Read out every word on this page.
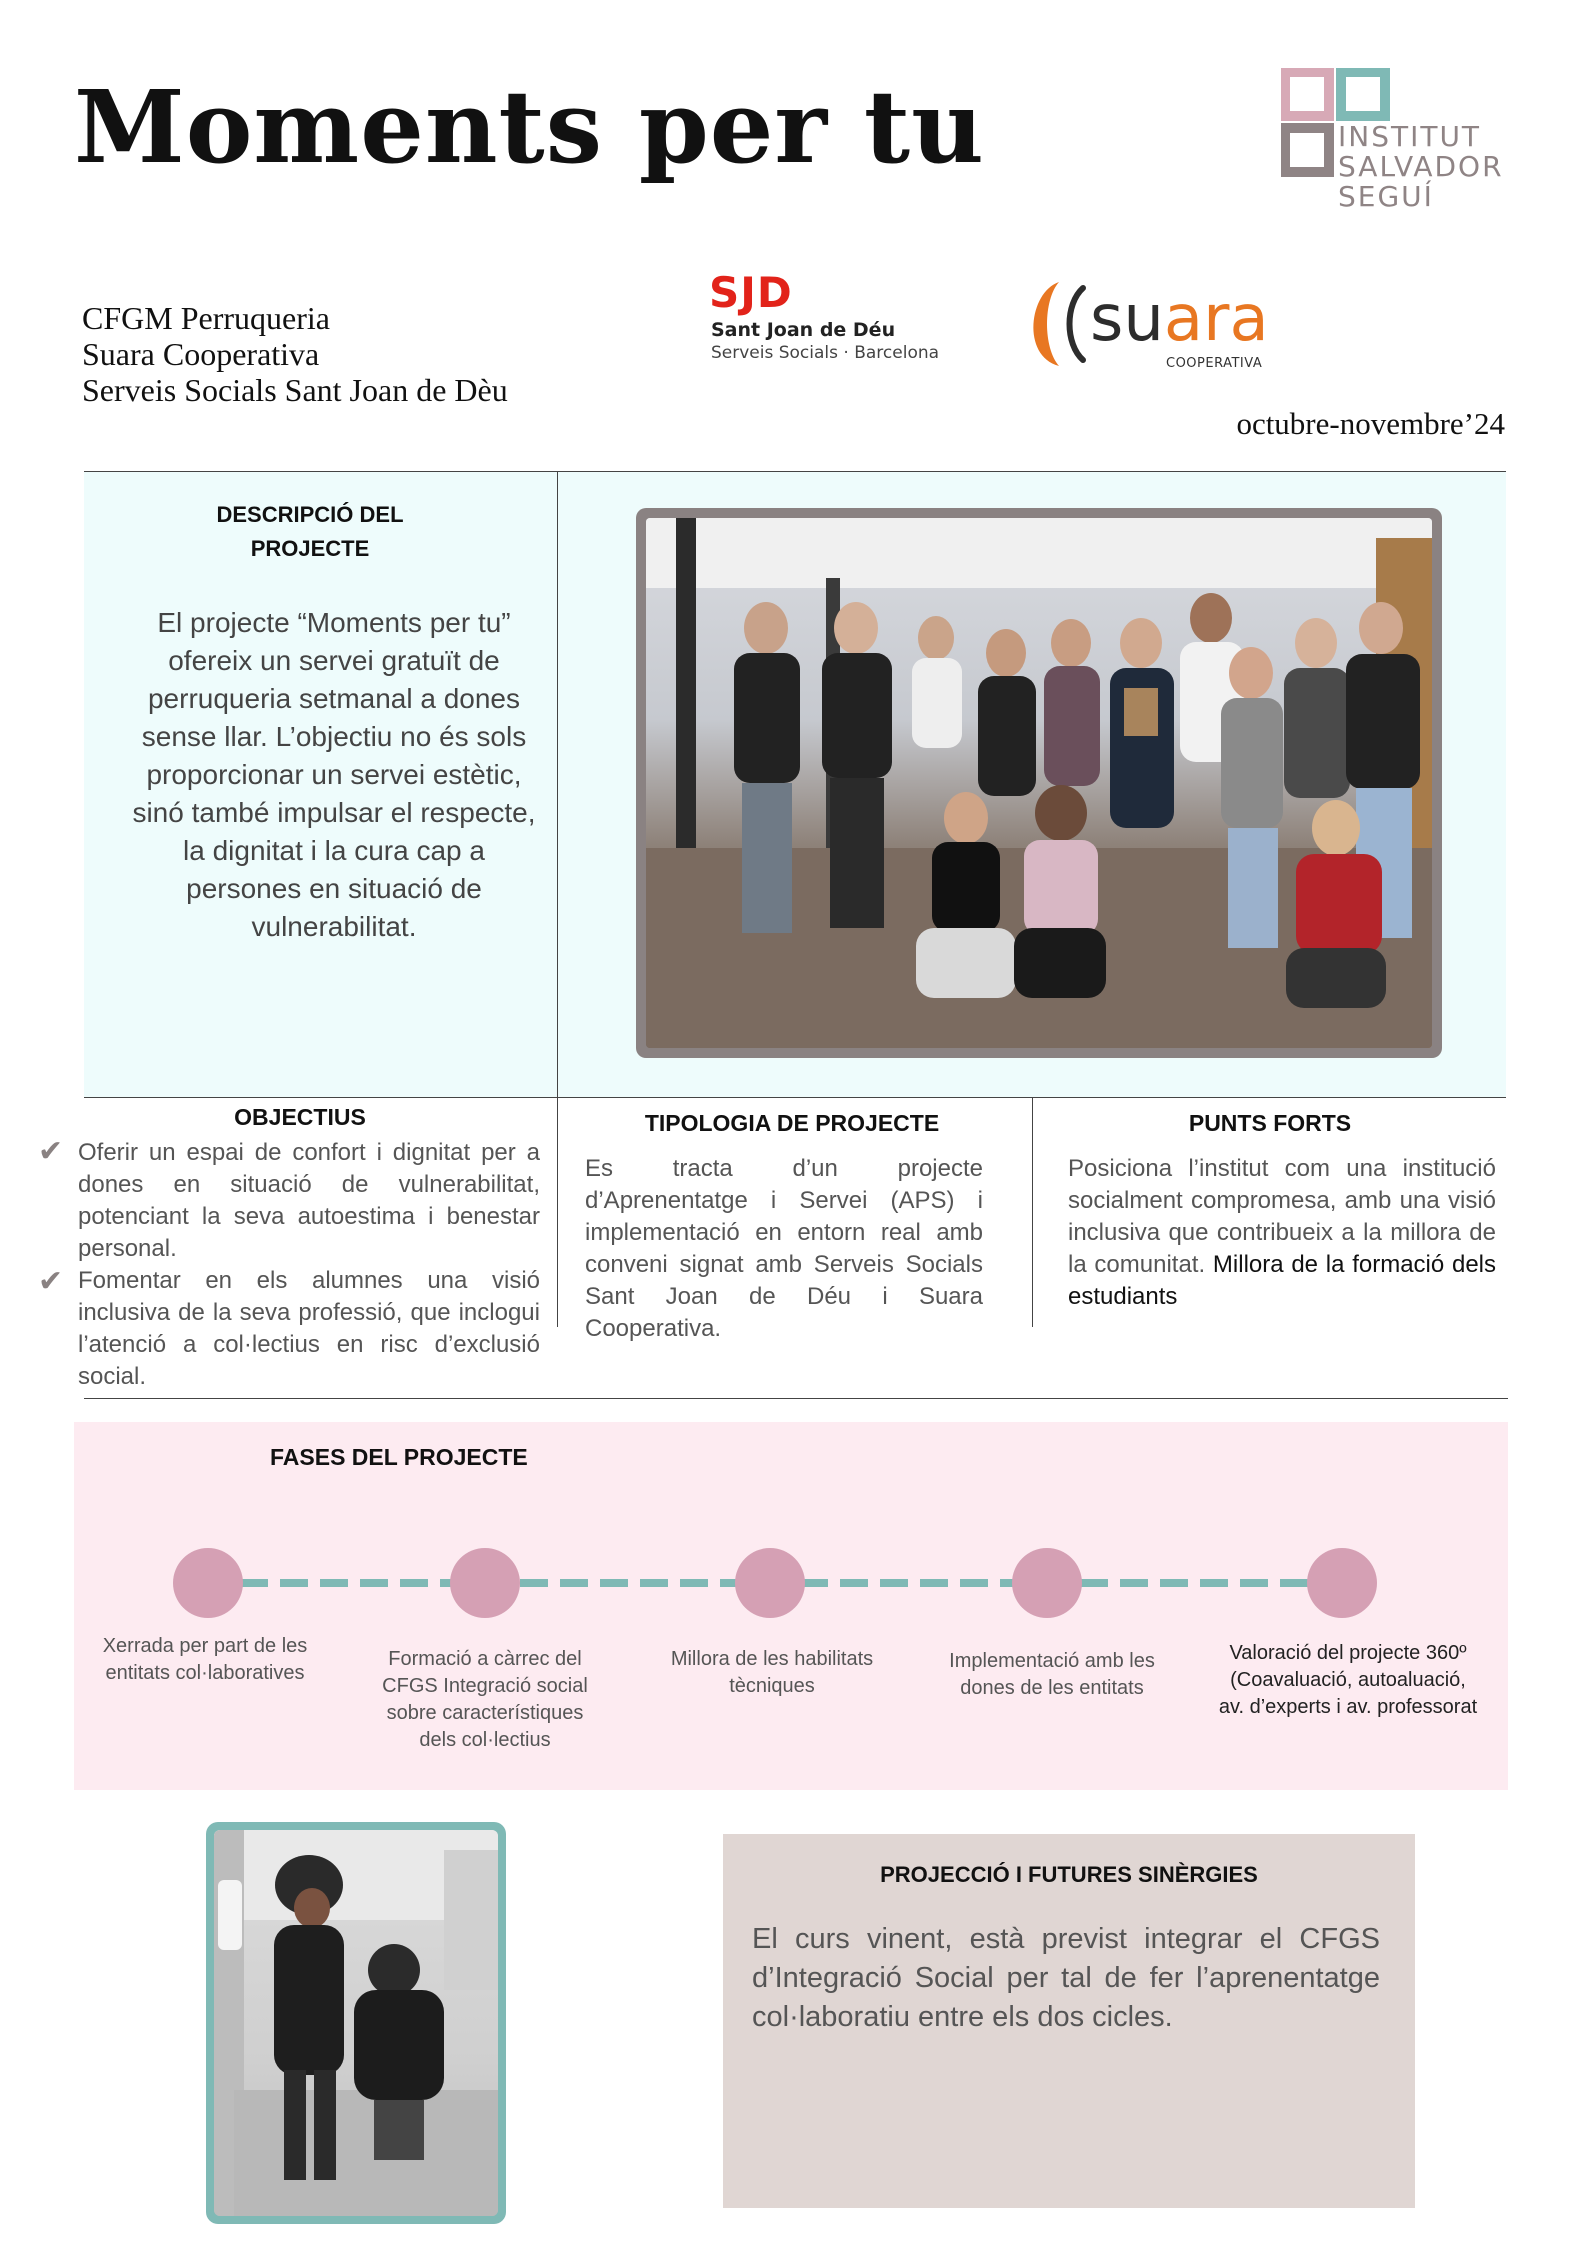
Moments per tu
CFGM Perruqueria
Suara Cooperativa
Serveis Socials Sant Joan de Dèu
octubre-novembre’24
INSTITUT
SALVADOR
SEGUÍ
SJD
Sant Joan de Déu
Serveis Socials · Barcelona suara
COOPERATIVA
DESCRIPCIÓ DEL
PROJECTE

El projecte “Moments per tu” ofereix un servei gratuït de perruqueria setmanal a dones sense llar. L’objectiu no és sols proporcionar un servei estètic, sinó també impulsar el respecte, la dignitat i la cura cap a persones en situació de vulnerabilitat.

OBJECTIUS
✔ Oferir un espai de confort i dignitat per a dones en situació de vulnerabilitat, potenciant la seva autoestima i benestar personal.

✔ Fomentar en els alumnes una visió inclusiva de la seva professió, que inclogui l’atenció a col·lectius en risc d’exclusió social.

TIPOLOGIA DE PROJECTE

Es tracta d’un projecte d’Aprenentatge i Servei (APS) i implementació en entorn real amb conveni signat amb Serveis Socials Sant Joan de Déu i Suara Cooperativa.

PUNTS FORTS

Posiciona l’institut com una institució socialment compromesa, amb una visió inclusiva que contribueix a la millora de la comunitat. Millora de la formació dels estudiants

FASES DEL PROJECTE
Xerrada per part de les entitats col·laboratives
Formació a càrrec del CFGS Integració social sobre característiques dels col·lectius
Millora de les habilitats tècniques
Implementació amb les dones de les entitats
Valoració del projecte 360º (Coavaluació, autoaluació, av. d’experts i av. professorat
PROJECCIÓ I FUTURES SINÈRGIES

El curs vinent, està previst integrar el CFGS d’Integració Social per tal de fer l’aprenentatge col·laboratiu entre els dos cicles.
